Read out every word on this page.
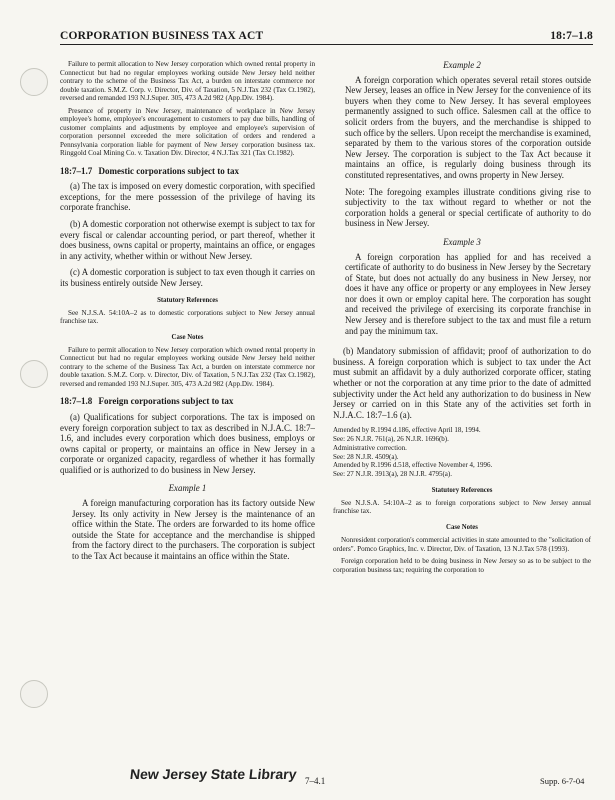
CORPORATION BUSINESS TAX ACT	18:7–1.8

Failure to permit allocation to New Jersey corporation which owned rental property in Connecticut but had no regular employees working outside New Jersey held neither contrary to the scheme of the Business Tax Act, a burden on interstate commerce nor double taxation. S.M.Z. Corp. v. Director, Div. of Taxation, 5 N.J.Tax 232 (Tax Ct.1982), reversed and remanded 193 N.J.Super. 305, 473 A.2d 982 (App.Div. 1984).

Presence of property in New Jersey, maintenance of workplace in New Jersey employee's home, employee's encouragement to customers to pay due bills, handling of customer complaints and adjustments by employee and employee's supervision of corporation personnel exceeded the mere solicitation of orders and rendered a Pennsylvania corporation liable for payment of New Jersey corporation business tax. Ringgold Coal Mining Co. v. Taxation Div. Director, 4 N.J.Tax 321 (Tax Ct.1982).

18:7–1.7 Domestic corporations subject to tax

(a) The tax is imposed on every domestic corporation, with specified exceptions, for the mere possession of the privilege of having its corporate franchise.

(b) A domestic corporation not otherwise exempt is subject to tax for every fiscal or calendar accounting period, or part thereof, whether it does business, owns capital or property, maintains an office, or engages in any activity, whether within or without New Jersey.

(c) A domestic corporation is subject to tax even though it carries on its business entirely outside New Jersey.

Statutory References

See N.J.S.A. 54:10A–2 as to domestic corporations subject to New Jersey annual franchise tax.

Case Notes

Failure to permit allocation to New Jersey corporation which owned rental property in Connecticut but had no regular employees working outside New Jersey held neither contrary to the scheme of the Business Tax Act, a burden on interstate commerce nor double taxation. S.M.Z. Corp. v. Director, Div. of Taxation, 5 N.J.Tax 232 (Tax Ct.1982), reversed and remanded 193 N.J.Super. 305, 473 A.2d 982 (App.Div. 1984).

18:7–1.8 Foreign corporations subject to tax

(a) Qualifications for subject corporations. The tax is imposed on every foreign corporation subject to tax as described in N.J.A.C. 18:7–1.6, and includes every corporation which does business, employs or owns capital or property, or maintains an office in New Jersey in a corporate or organized capacity, regardless of whether it has formally qualified or is authorized to do business in New Jersey.

Example 1

A foreign manufacturing corporation has its factory outside New Jersey. Its only activity in New Jersey is the maintenance of an office within the State. The orders are forwarded to its home office outside the State for acceptance and the merchandise is shipped from the factory direct to the purchasers. The corporation is subject to the Tax Act because it maintains an office within the State.

Example 2

A foreign corporation which operates several retail stores outside New Jersey, leases an office in New Jersey for the convenience of its buyers when they come to New Jersey. It has several employees permanently assigned to such office. Salesmen call at the office to solicit orders from the buyers, and the merchandise is shipped to such office by the sellers. Upon receipt the merchandise is examined, separated by them to the various stores of the corporation outside New Jersey. The corporation is subject to the Tax Act because it maintains an office, is regularly doing business through its constituted representatives, and owns property in New Jersey.

Note: The foregoing examples illustrate conditions giving rise to subjectivity to the tax without regard to whether or not the corporation holds a general or special certificate of authority to do business in New Jersey.

Example 3

A foreign corporation has applied for and has received a certificate of authority to do business in New Jersey by the Secretary of State, but does not actually do any business in New Jersey, nor does it have any office or property or any employees in New Jersey nor does it own or employ capital here. The corporation has sought and received the privilege of exercising its corporate franchise in New Jersey and is therefore subject to the tax and must file a return and pay the minimum tax.

(b) Mandatory submission of affidavit; proof of authorization to do business. A foreign corporation which is subject to tax under the Act must submit an affidavit by a duly authorized corporate officer, stating whether or not the corporation at any time prior to the date of admitted subjectivity under the Act held any authorization to do business in New Jersey or carried on in this State any of the activities set forth in N.J.A.C. 18:7–1.6 (a).

Amended by R.1994 d.186, effective April 18, 1994.

See: 26 N.J.R. 761(a), 26 N.J.R. 1696(b).

Administrative correction.

See: 28 N.J.R. 4509(a).

Amended by R.1996 d.518, effective November 4, 1996.

See: 27 N.J.R. 3913(a), 28 N.J.R. 4795(a).

Statutory References

See N.J.S.A. 54:10A–2 as to foreign corporations subject to New Jersey annual franchise tax.

Case Notes

Nonresident corporation's commercial activities in state amounted to the "solicitation of orders". Pomco Graphics, Inc. v. Director, Div. of Taxation, 13 N.J.Tax 578 (1993).

Foreign corporation held to be doing business in New Jersey so as to be subject to the corporation business tax; requiring the corporation to

New Jersey State Library 7–4.1	Supp. 6-7-04
